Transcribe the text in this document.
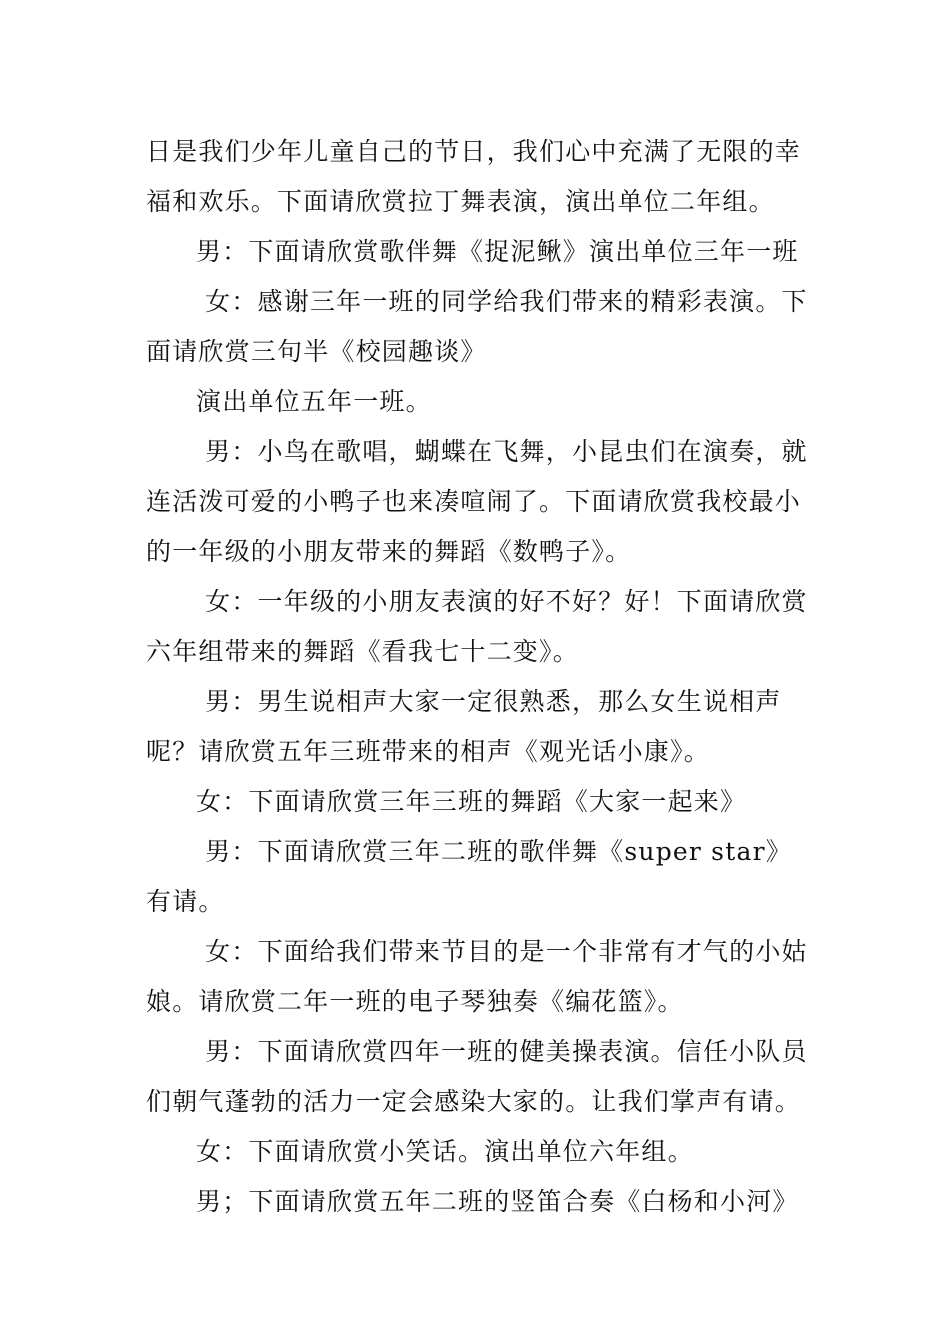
日是我们少年儿童自己的节日，我们心中充满了无限的幸福和欢乐。下面请欣赏拉丁舞表演，演出单位二年组。

男：下面请欣赏歌伴舞《捉泥鳅》演出单位三年一班

女：感谢三年一班的同学给我们带来的精彩表演。下面请欣赏三句半《校园趣谈》

演出单位五年一班。

男：小鸟在歌唱，蝴蝶在飞舞，小昆虫们在演奏，就连活泼可爱的小鸭子也来凑喧闹了。下面请欣赏我校最小的一年级的小朋友带来的舞蹈《数鸭子》。

女：一年级的小朋友表演的好不好？好！下面请欣赏六年组带来的舞蹈《看我七十二变》。

男：男生说相声大家一定很熟悉，那么女生说相声呢？请欣赏五年三班带来的相声《观光话小康》。

女：下面请欣赏三年三班的舞蹈《大家一起来》

男：下面请欣赏三年二班的歌伴舞《super star》有请。

女：下面给我们带来节目的是一个非常有才气的小姑娘。请欣赏二年一班的电子琴独奏《编花篮》。

男：下面请欣赏四年一班的健美操表演。信任小队员们朝气蓬勃的活力一定会感染大家的。让我们掌声有请。

女：下面请欣赏小笑话。演出单位六年组。

男；下面请欣赏五年二班的竖笛合奏《白杨和小河》
